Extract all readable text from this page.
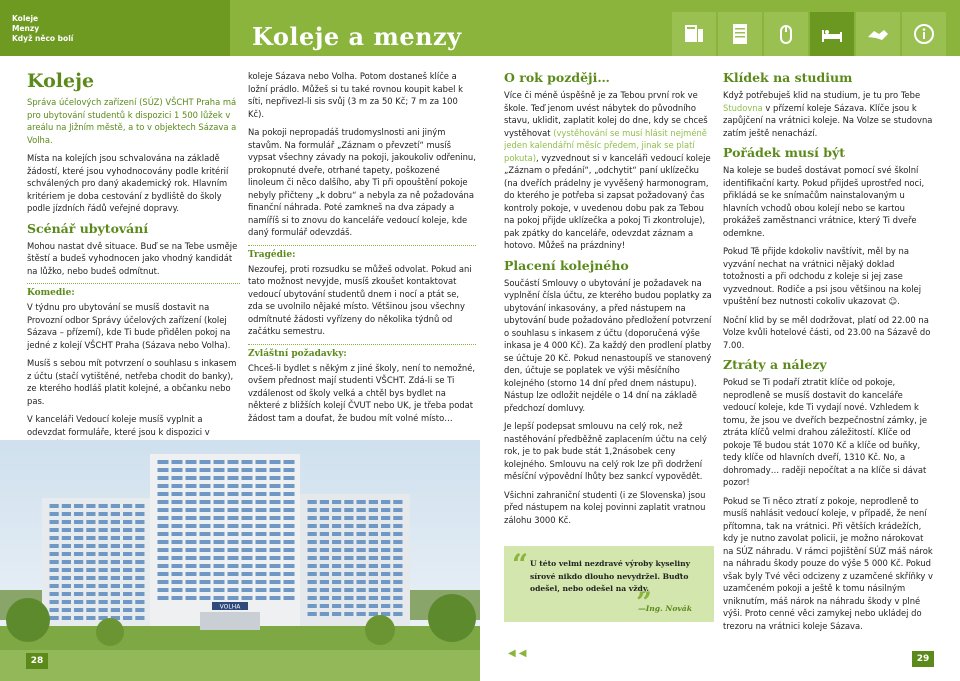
Koleje
Menzy
Když něco bolí	Koleje a menzy
Koleje

Správa účelových zařízení (SÚZ) VŠCHT Praha má pro ubytování studentů k dispozici 1 500 lůžek v areálu na Jižním městě, a to v objektech Sázava a Volha.

Místa na kolejích jsou schvalována na základě žádostí, které jsou vyhodnocovány podle kritérií schválených pro daný akademický rok. Hlavním kritériem je doba cestování z bydliště do školy podle jízdních řádů veřejné dopravy.

Scénář ubytování

Mohou nastat dvě situace. Buď se na Tebe usměje štěstí a budeš vyhodnocen jako vhodný kandidát na lůžko, nebo budeš odmítnut.

Komedie:

V týdnu pro ubytování se musíš dostavit na Provozní odbor Správy účelových zařízení (kolej Sázava – přízemí), kde Ti bude přidělen pokoj na jedné z kolejí VŠCHT Praha (Sázava nebo Volha).

Musíš s sebou mít potvrzení o souhlasu s inkasem z účtu (stačí vytištěné, netřeba chodit do banky), ze kterého hodláš platit kolejné, a občanku nebo pas.

V kanceláři Vedoucí koleje musíš vyplnit a odevzdat formuláře, které jsou k dispozici v

VOLHA
28
◀ ◀

koleje Sázava nebo Volha. Potom dostaneš klíče a ložní prádlo. Můžeš si tu také rovnou koupit kabel k síti, nepřivezl-li sis svůj (3 m za 50 Kč; 7 m za 100 Kč).

Na pokoji nepropadáš trudomyslnosti ani jiným stavům. Na formulář „Záznam o převzetí“ musíš vypsat všechny závady na pokoji, jakoukoliv odřeninu, prokopnuté dveře, otrhané tapety, poškozené linoleum či něco dalšího, aby Ti při opouštění pokoje nebyly přičteny „k dobru“ a nebyla za ně požadována finanční náhrada. Poté zamkneš na dva západy a namíříš si to znovu do kanceláře vedoucí koleje, kde daný formulář odevzdáš.

Tragédie:

Nezoufej, proti rozsudku se můžeš odvolat. Pokud ani tato možnost nevyjde, musíš zkoušet kontaktovat vedoucí ubytování studentů dnem i nocí a ptát se, zda se uvolnilo nějaké místo. Většinou jsou všechny odmítnuté žádosti vyřízeny do několika týdnů od začátku semestru.

Zvláštní požadavky:

Chceš-li bydlet s někým z jiné školy, není to nemožné, ovšem přednost mají studenti VŠCHT. Zdá-li se Ti vzdálenost od školy velká a chtěl bys bydlet na některé z bližších kolejí ČVUT nebo UK, je třeba podat žádost tam a doufat, že budou mít volné místo…

O rok později…

Více či méně úspěšně je za Tebou první rok ve škole. Teď jenom uvést nábytek do původního stavu, uklidit, zaplatit kolej do dne, kdy se chceš vystěhovat (vystěhování se musí hlásit nejméně jeden kalendářní měsíc předem, jinak se platí pokuta), vyzvednout si v kanceláři vedoucí koleje „Záznam o předání“, „odchytit“ paní uklízečku (na dveřích prádelny je vyvěšený harmonogram, do kterého je potřeba si zapsat požadovaný čas kontroly pokoje, v uvedenou dobu pak za Tebou na pokoj přijde uklízečka a pokoj Ti zkontroluje), pak zpátky do kanceláře, odevzdat záznam a hotovo. Můžeš na prázdniny!

Placení kolejného

Součástí Smlouvy o ubytování je požadavek na vyplnění čísla účtu, ze kterého budou poplatky za ubytování inkasovány, a před nástupem na ubytování bude požadováno předložení potvrzení o souhlasu s inkasem z účtu (doporučená výše inkasa je 4 000 Kč). Za každý den prodlení platby se účtuje 20 Kč. Pokud nenastoupíš ve stanovený den, účtuje se poplatek ve výši měsíčního kolejného (storno 14 dní před dnem nástupu). Nástup lze odložit nejdéle o 14 dní na základě předchozí domluvy.

Je lepší podepsat smlouvu na celý rok, než nastěhování předběžně zaplacením účtu na celý rok, je to pak bude stát 1,2násobek ceny kolejného. Smlouvu na celý rok lze při dodržení měsíční výpovědní lhůty bez sankcí vypovědět.

Všichni zahraniční studenti (i ze Slovenska) jsou před nástupem na kolej povinni zaplatit vratnou zálohu 3000 Kč.

“ U této velmi nezdravé výroby kyseliny sírové nikdo dlouho nevydržel. Buďto odešel, nebo odešel na vždy.

—Ing. Novák
”
Klídek na studium

Když potřebuješ klid na studium, je tu pro Tebe Studovna v přízemí koleje Sázava. Klíče jsou k zapůjčení na vrátnici koleje. Na Volze se studovna zatím ještě nenachází.

Pořádek musí být

Na koleje se budeš dostávat pomocí své školní identifikační karty. Pokud přijdeš uprostřed noci, přikládá se ke snímačům nainstalovaným u hlavních vchodů obou kolejí nebo se kartou prokážeš zaměstnanci vrátnice, který Ti dveře odemkne.

Pokud Tě přijde kdokoliv navštívit, měl by na vyzvání nechat na vrátnici nějaký doklad totožnosti a při odchodu z koleje si jej zase vyzvednout. Rodiče a psi jsou většinou na kolej vpuštění bez nutnosti cokoliv ukazovat ☺.

Noční klid by se měl dodržovat, platí od 22.00 na Volze kvůli hotelové části, od 23.00 na Sázavě do 7.00.

Ztráty a nálezy

Pokud se Ti podaří ztratit klíče od pokoje, neprodleně se musíš dostavit do kanceláře vedoucí koleje, kde Ti vydají nové. Vzhledem k tomu, že jsou ve dveřích bezpečnostní zámky, je ztráta klíčů velmi drahou záležitostí. Klíče od pokoje Tě budou stát 1070 Kč a klíče od buňky, tedy klíče od hlavních dveří, 1310 Kč. No, a dohromady… raději nepočítat a na klíče si dávat pozor!

Pokud se Ti něco ztratí z pokoje, neprodleně to musíš nahlásit vedoucí koleje, v případě, že není přítomna, tak na vrátnici. Při větších krádežích, kdy je nutno zavolat policii, je možno nárokovat na SÚZ náhradu. V rámci pojištění SÚZ máš nárok na náhradu škody pouze do výše 5 000 Kč. Pokud však byly Tvé věci odcizeny z uzamčené skříňky v uzamčeném pokoji a ještě k tomu násilným vniknutím, máš nárok na náhradu škody v plné výši. Proto cenné věci zamykej nebo ukládej do trezoru na vrátnici koleje Sázava.

29
